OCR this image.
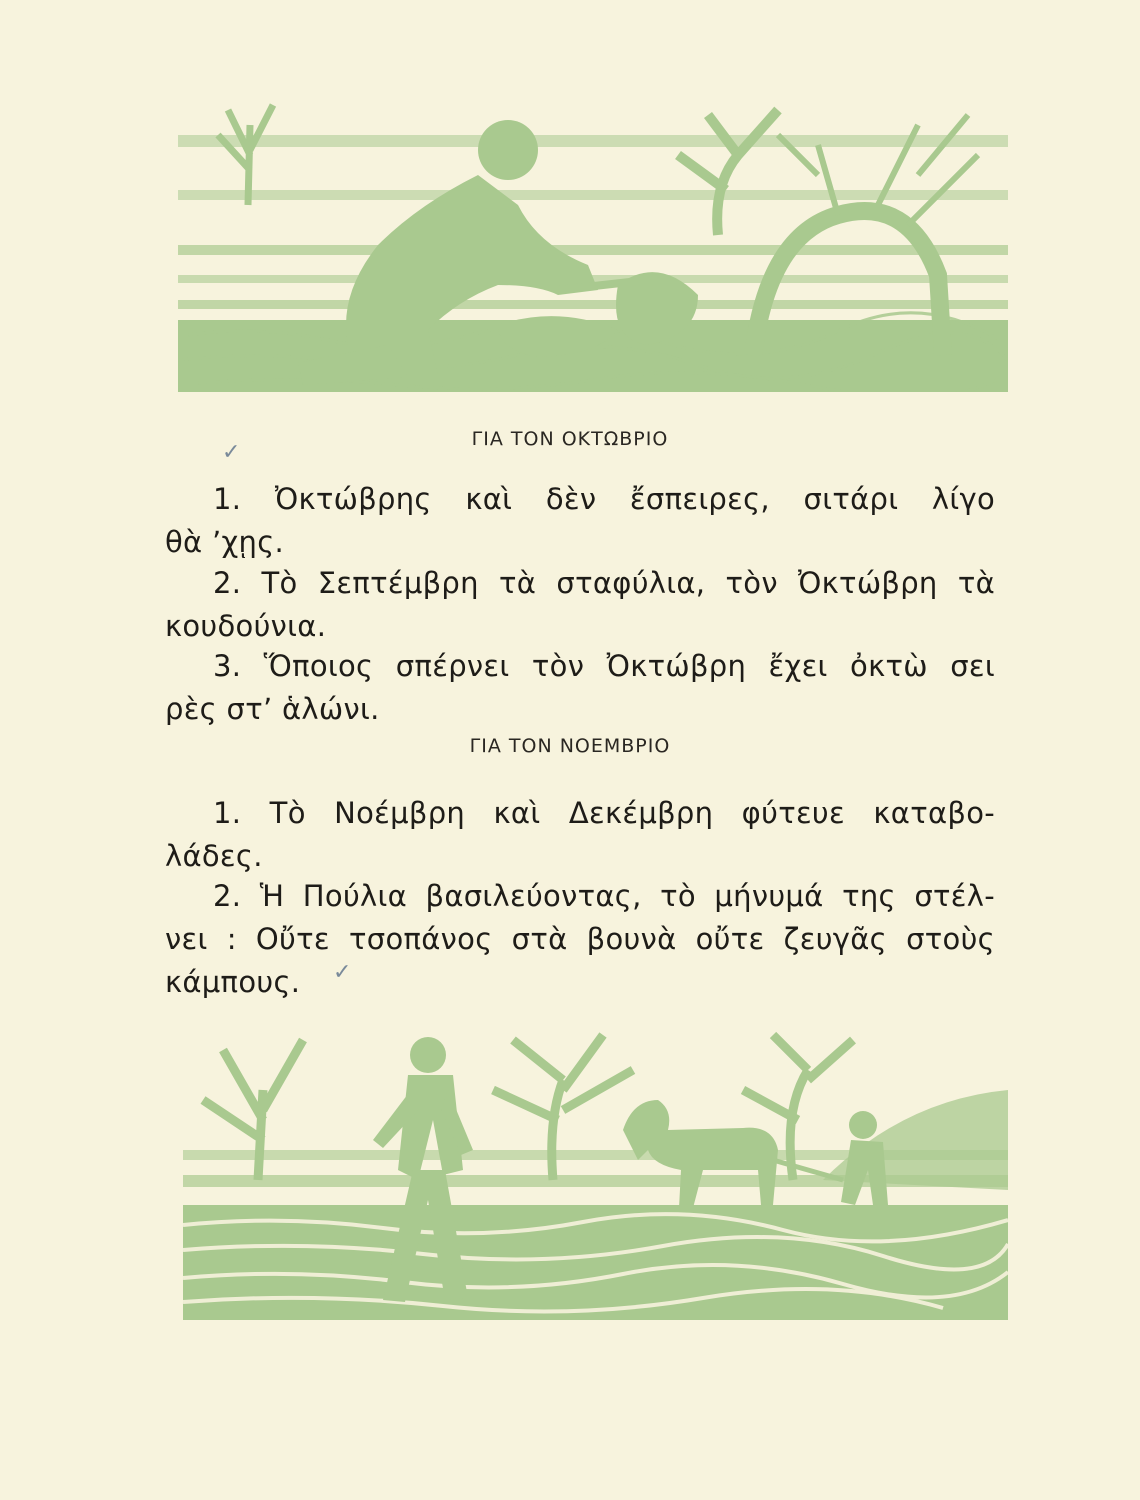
ΓΙΑ ΤΟΝ ΟΚΤΩΒΡΙΟ
1. Ὀκτώβρης καὶ δὲν ἔσπειρες, σιτάρι λίγο
θὰ ’χῃς.
2. Τὸ Σεπτέμβρη τὰ σταφύλια, τὸν Ὀκτώβρη τὰ
κουδούνια.
3. Ὅποιος σπέρνει τὸν Ὀκτώβρη ἔχει ὀκτὼ σει
ρὲς στ’ ἁλώνι.
ΓΙΑ ΤΟΝ ΝΟΕΜΒΡΙΟ
1. Τὸ Νοέμβρη καὶ Δεκέμβρη φύτευε καταβο-
λάδες.
2. Ἡ Πούλια βασιλεύοντας, τὸ μήνυμά της στέλ-
νει : Οὔτε τσοπάνος στὰ βουνὰ οὔτε ζευγᾶς στοὺς
κάμπους.
✓
✓
